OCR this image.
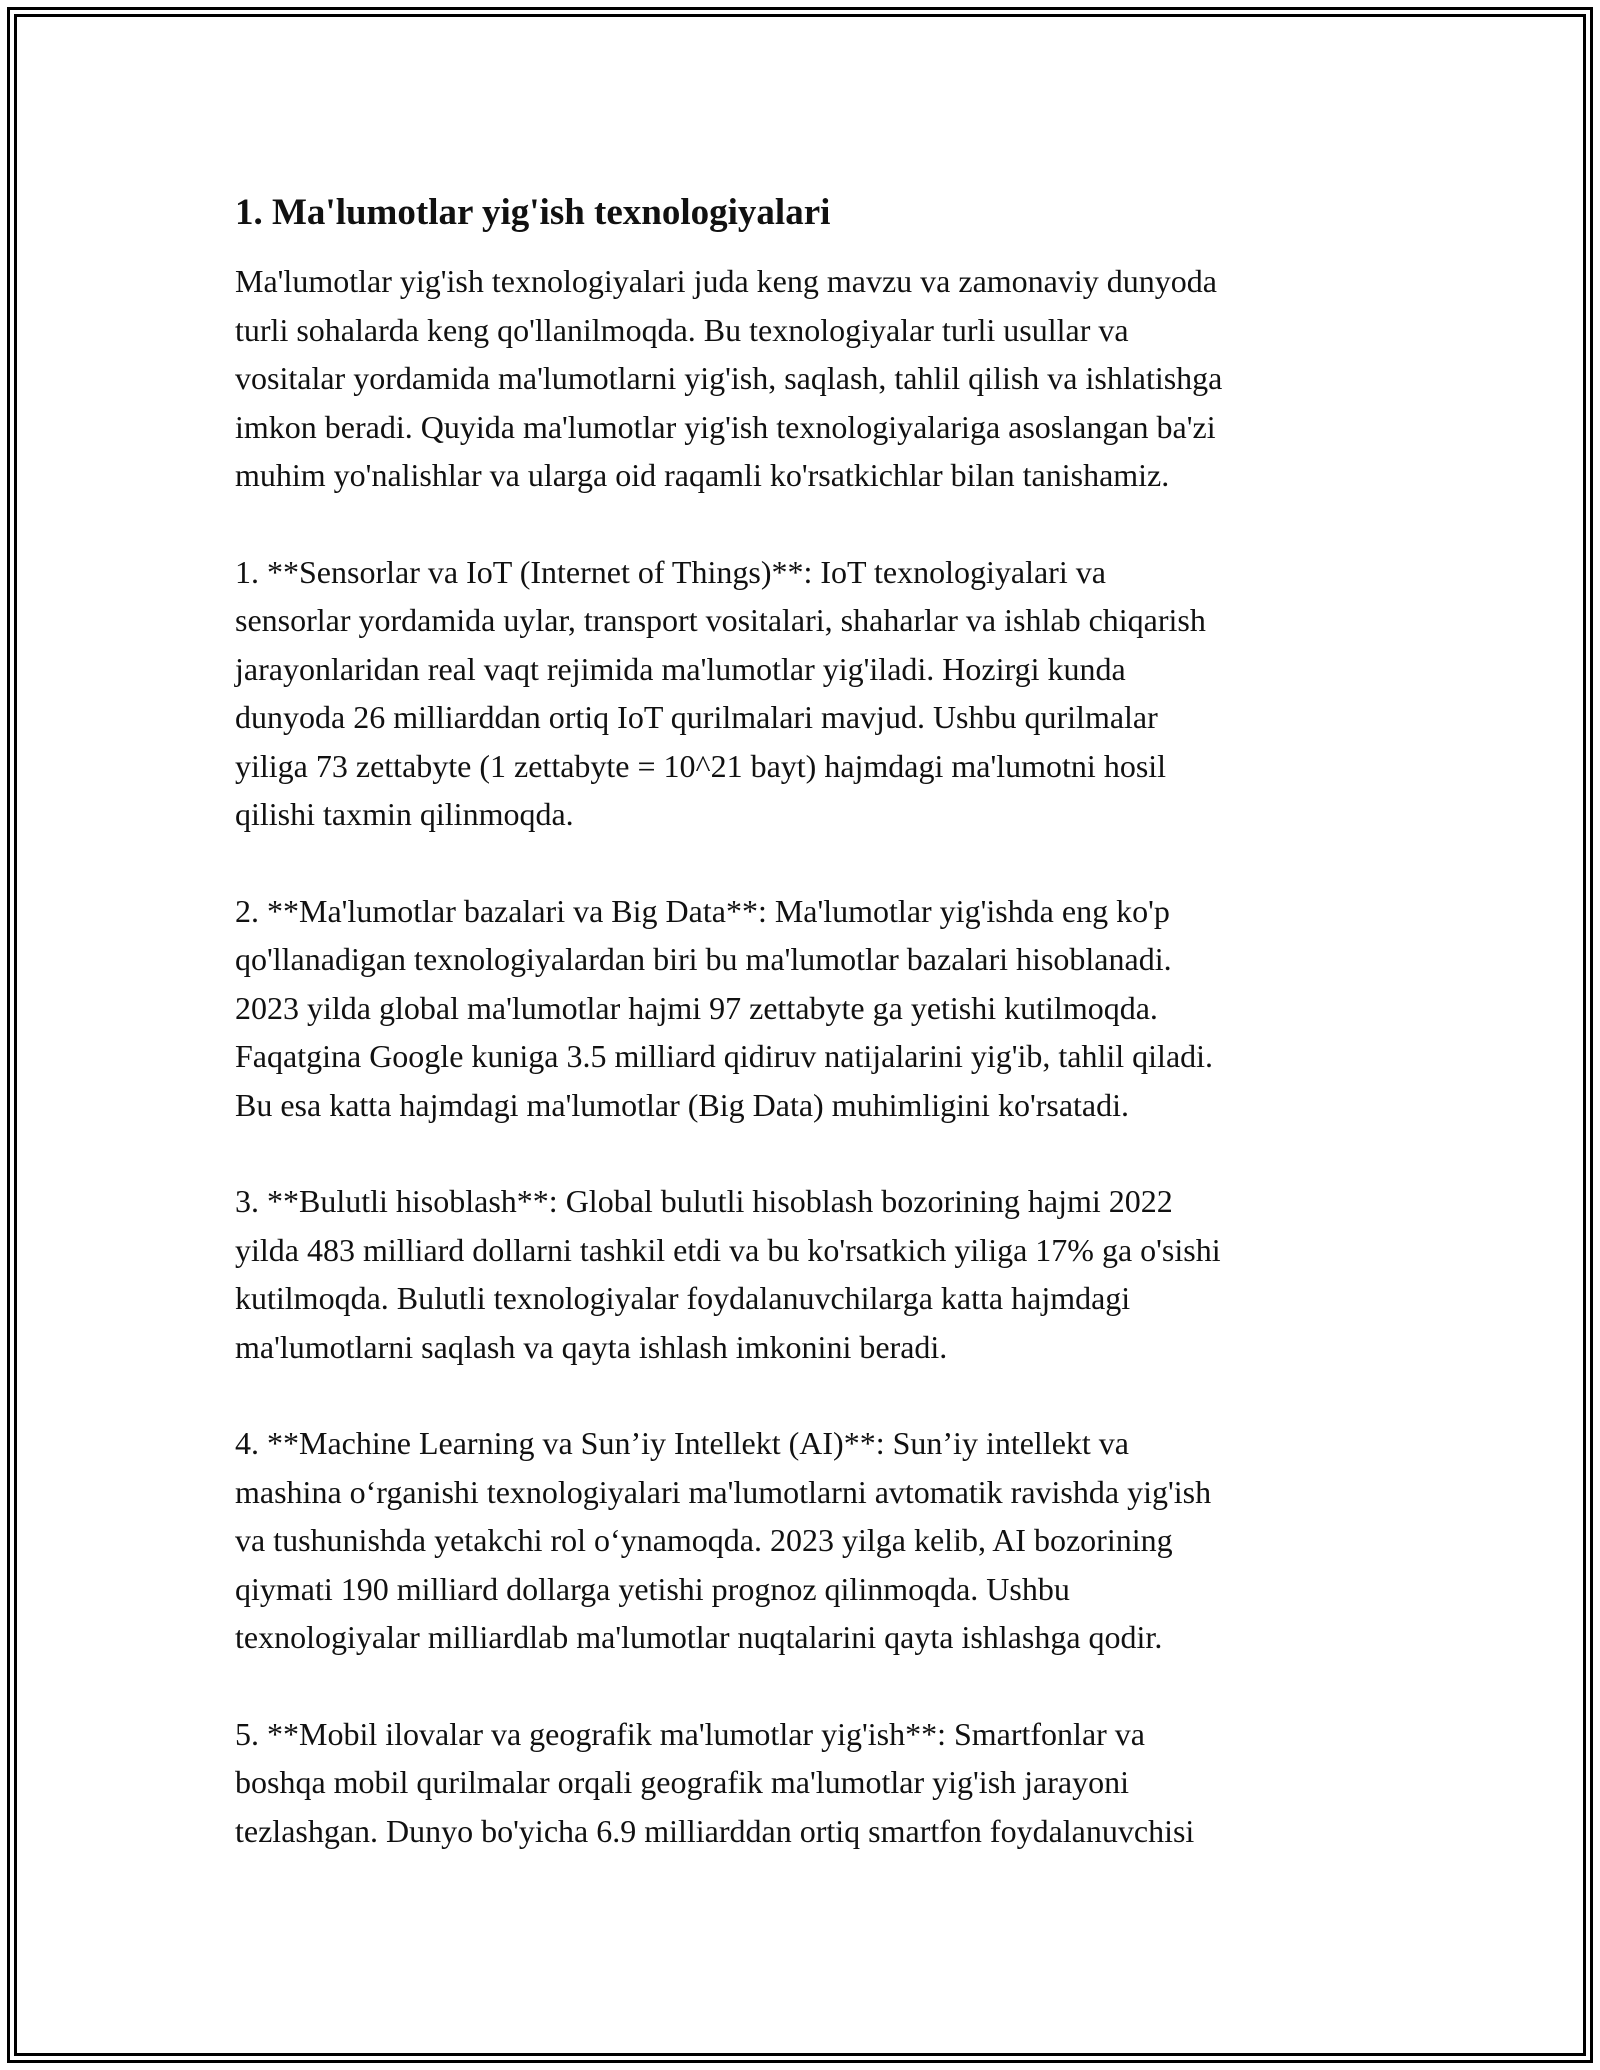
1. Ma'lumotlar yig'ish texnologiyalari
Ma'lumotlar yig'ish texnologiyalari juda keng mavzu va zamonaviy dunyoda
turli sohalarda keng qo'llanilmoqda. Bu texnologiyalar turli usullar va
vositalar yordamida ma'lumotlarni yig'ish, saqlash, tahlil qilish va ishlatishga
imkon beradi. Quyida ma'lumotlar yig'ish texnologiyalariga asoslangan ba'zi
muhim yo'nalishlar va ularga oid raqamli ko'rsatkichlar bilan tanishamiz.
1. **Sensorlar va IoT (Internet of Things)**: IoT texnologiyalari va
sensorlar yordamida uylar, transport vositalari, shaharlar va ishlab chiqarish
jarayonlaridan real vaqt rejimida ma'lumotlar yig'iladi. Hozirgi kunda
dunyoda 26 milliarddan ortiq IoT qurilmalari mavjud. Ushbu qurilmalar
yiliga 73 zettabyte (1 zettabyte = 10^21 bayt) hajmdagi ma'lumotni hosil
qilishi taxmin qilinmoqda.
2. **Ma'lumotlar bazalari va Big Data**: Ma'lumotlar yig'ishda eng ko'p
qo'llanadigan texnologiyalardan biri bu ma'lumotlar bazalari hisoblanadi.
2023 yilda global ma'lumotlar hajmi 97 zettabyte ga yetishi kutilmoqda.
Faqatgina Google kuniga 3.5 milliard qidiruv natijalarini yig'ib, tahlil qiladi.
Bu esa katta hajmdagi ma'lumotlar (Big Data) muhimligini ko'rsatadi.
3. **Bulutli hisoblash**: Global bulutli hisoblash bozorining hajmi 2022
yilda 483 milliard dollarni tashkil etdi va bu ko'rsatkich yiliga 17% ga o'sishi
kutilmoqda. Bulutli texnologiyalar foydalanuvchilarga katta hajmdagi
ma'lumotlarni saqlash va qayta ishlash imkonini beradi.
4. **Machine Learning va Sun’iy Intellekt (AI)**: Sun’iy intellekt va
mashina o‘rganishi texnologiyalari ma'lumotlarni avtomatik ravishda yig'ish
va tushunishda yetakchi rol o‘ynamoqda. 2023 yilga kelib, AI bozorining
qiymati 190 milliard dollarga yetishi prognoz qilinmoqda. Ushbu
texnologiyalar milliardlab ma'lumotlar nuqtalarini qayta ishlashga qodir.
5. **Mobil ilovalar va geografik ma'lumotlar yig'ish**: Smartfonlar va
boshqa mobil qurilmalar orqali geografik ma'lumotlar yig'ish jarayoni
tezlashgan. Dunyo bo'yicha 6.9 milliarddan ortiq smartfon foydalanuvchisi
